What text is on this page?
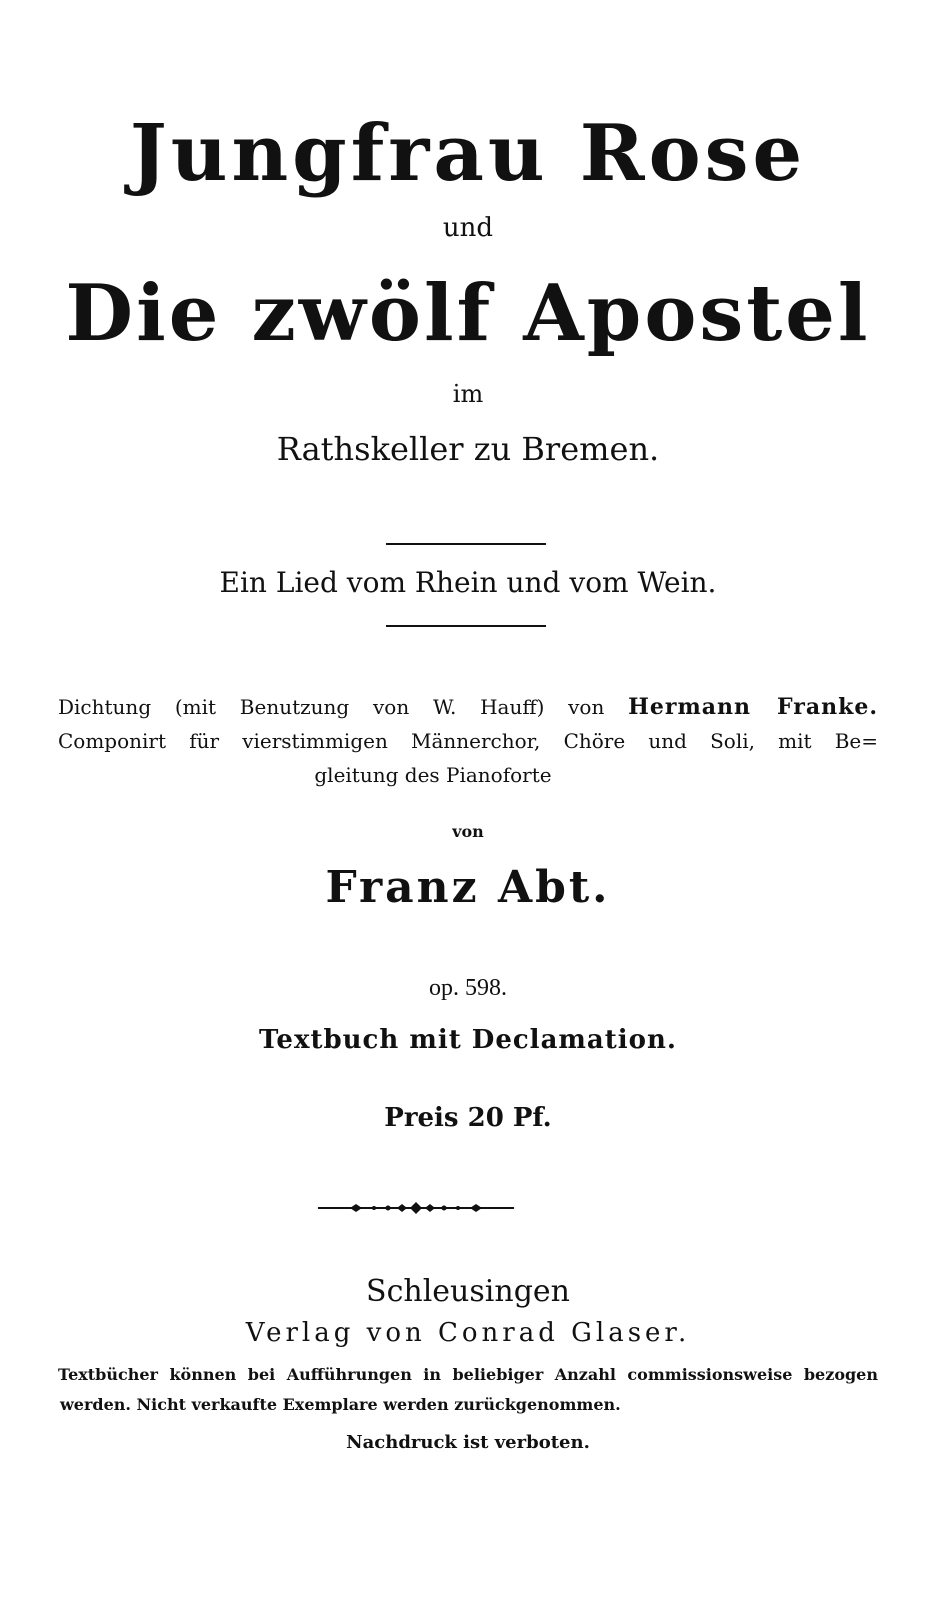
Jungfrau Rose
und
Die zwölf Apostel
im
Rathskeller zu Bremen.
Ein Lied vom Rhein und vom Wein.
Dichtung (mit Benutzung von W. Hauff) von Hermann Franke.
Componirt für vierstimmigen Männerchor, Chöre und Soli, mit Be=
gleitung des Pianoforte
von
Franz Abt.
op. 598.
Textbuch mit Declamation.
Preis 20 Pf.
Schleusingen
Verlag von Conrad Glaser.
Textbücher können bei Aufführungen in beliebiger Anzahl commissionsweise bezogen
werden. Nicht verkaufte Exemplare werden zurückgenommen.
Nachdruck ist verboten.
